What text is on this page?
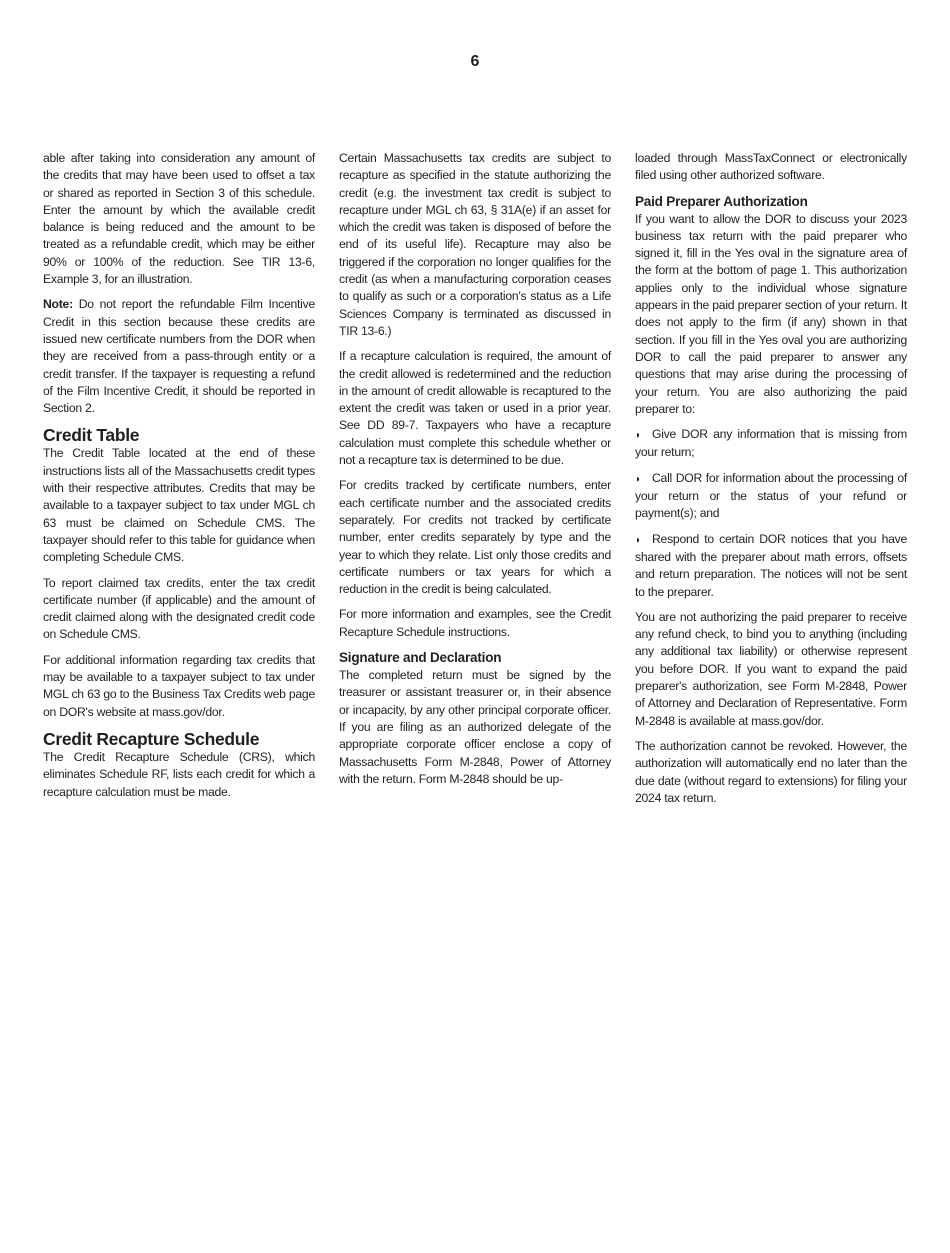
6

able after taking into consideration any amount of the credits that may have been used to offset a tax or shared as reported in Section 3 of this schedule. Enter the amount by which the available credit balance is being reduced and the amount to be treated as a refundable credit, which may be either 90% or 100% of the reduction. See TIR 13-6, Example 3, for an illustration.

Note: Do not report the refundable Film Incentive Credit in this section because these credits are issued new certificate numbers from the DOR when they are received from a pass-through entity or a credit transfer. If the taxpayer is requesting a refund of the Film Incentive Credit, it should be reported in Section 2.

Credit Table

The Credit Table located at the end of these instructions lists all of the Massachusetts credit types with their respective attributes. Credits that may be available to a taxpayer subject to tax under MGL ch 63 must be claimed on Schedule CMS. The taxpayer should refer to this table for guidance when completing Schedule CMS.

To report claimed tax credits, enter the tax credit certificate number (if applicable) and the amount of credit claimed along with the designated credit code on Schedule CMS.

For additional information regarding tax credits that may be available to a taxpayer subject to tax under MGL ch 63 go to the Business Tax Credits web page on DOR's website at mass.gov/dor.

Credit Recapture Schedule

The Credit Recapture Schedule (CRS), which eliminates Schedule RF, lists each credit for which a recapture calculation must be made.

Certain Massachusetts tax credits are subject to recapture as specified in the statute authorizing the credit (e.g. the investment tax credit is subject to recapture under MGL ch 63, § 31A(e) if an asset for which the credit was taken is disposed of before the end of its useful life). Recapture may also be triggered if the corporation no longer qualifies for the credit (as when a manufacturing corporation ceases to qualify as such or a corporation's status as a Life Sciences Company is terminated as discussed in TIR 13-6.)

If a recapture calculation is required, the amount of the credit allowed is redetermined and the reduction in the amount of credit allowable is recaptured to the extent the credit was taken or used in a prior year. See DD 89-7. Taxpayers who have a recapture calculation must complete this schedule whether or not a recapture tax is determined to be due.

For credits tracked by certificate numbers, enter each certificate number and the associated credits separately. For credits not tracked by certificate number, enter credits separately by type and the year to which they relate. List only those credits and certificate numbers or tax years for which a reduction in the credit is being calculated.

For more information and examples, see the Credit Recapture Schedule instructions.

Signature and Declaration

The completed return must be signed by the treasurer or assistant treasurer or, in their absence or incapacity, by any other principal corporate officer. If you are filing as an authorized delegate of the appropriate corporate officer enclose a copy of Massachusetts Form M-2848, Power of Attorney with the return. Form M-2848 should be up-

loaded through MassTaxConnect or electronically filed using other authorized software.

Paid Preparer Authorization

If you want to allow the DOR to discuss your 2023 business tax return with the paid preparer who signed it, fill in the Yes oval in the signature area of the form at the bottom of page 1. This authorization applies only to the individual whose signature appears in the paid preparer section of your return. It does not apply to the firm (if any) shown in that section. If you fill in the Yes oval you are authorizing DOR to call the paid preparer to answer any questions that may arise during the processing of your return. You are also authorizing the paid preparer to:

◗ Give DOR any information that is missing from your return;

◗ Call DOR for information about the processing of your return or the status of your refund or payment(s); and

◗ Respond to certain DOR notices that you have shared with the preparer about math errors, offsets and return preparation. The notices will not be sent to the preparer.

You are not authorizing the paid preparer to receive any refund check, to bind you to anything (including any additional tax liability) or otherwise represent you before DOR. If you want to expand the paid preparer's authorization, see Form M-2848, Power of Attorney and Declaration of Representative. Form M-2848 is available at mass.gov/dor.

The authorization cannot be revoked. However, the authorization will automatically end no later than the due date (without regard to extensions) for filing your 2024 tax return.
